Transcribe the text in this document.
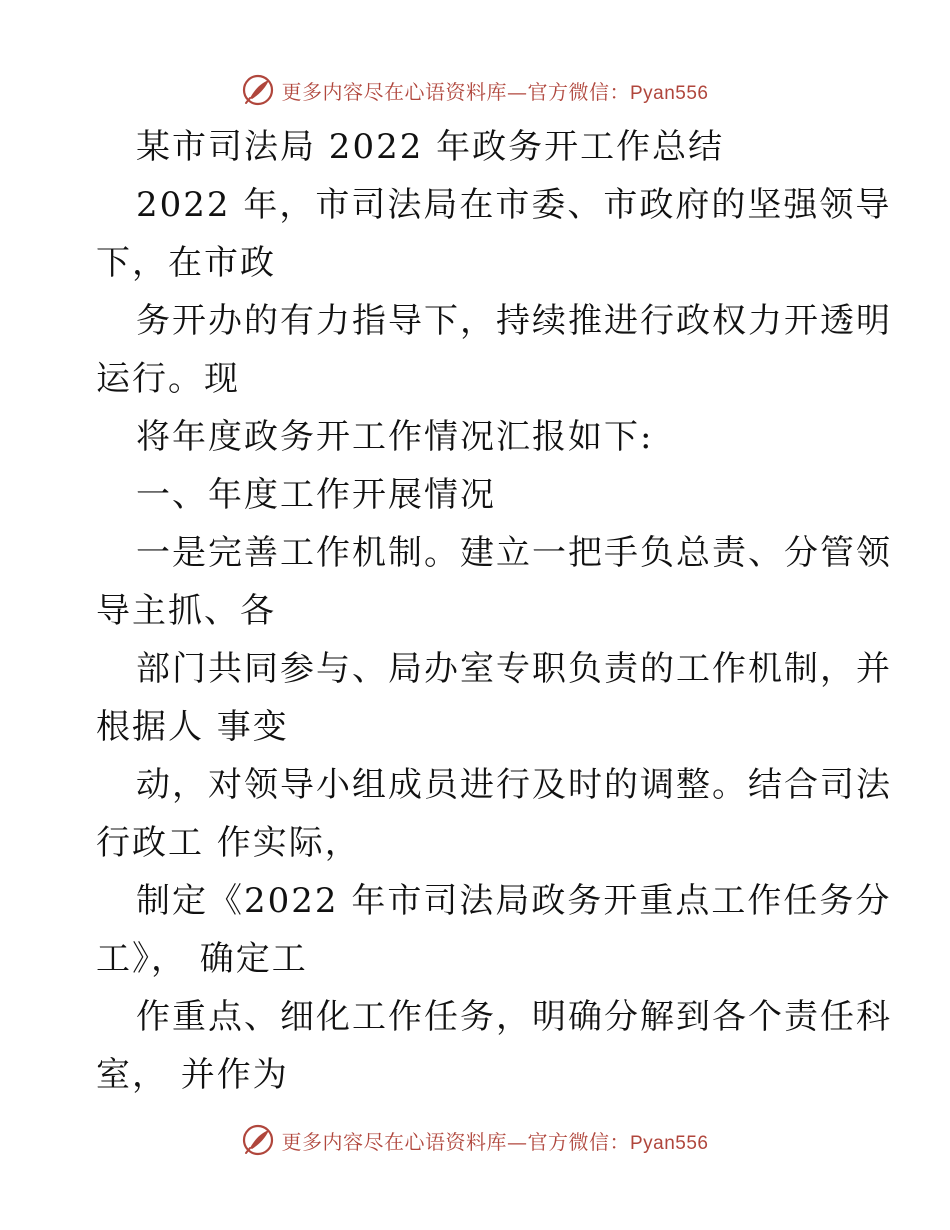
更多内容尽在心语资料库—官方微信：Pyan556
某市司法局 2022 年政务开工作总结
2022 年，市司法局在市委、市政府的坚强领导
下，在市政
务开办的有力指导下，持续推进行政权力开透明
运行。现
将年度政务开工作情况汇报如下:
一、年度工作开展情况
一是完善工作机制。建立一把手负总责、分管领
导主抓、各
部门共同参与、局办室专职负责的工作机制，并
根据人 事变
动，对领导小组成员进行及时的调整。结合司法
行政工 作实际，
制定《2022 年市司法局政务开重点工作任务分
工》， 确定工
作重点、细化工作任务，明确分解到各个责任科
室， 并作为
更多内容尽在心语资料库—官方微信：Pyan556
